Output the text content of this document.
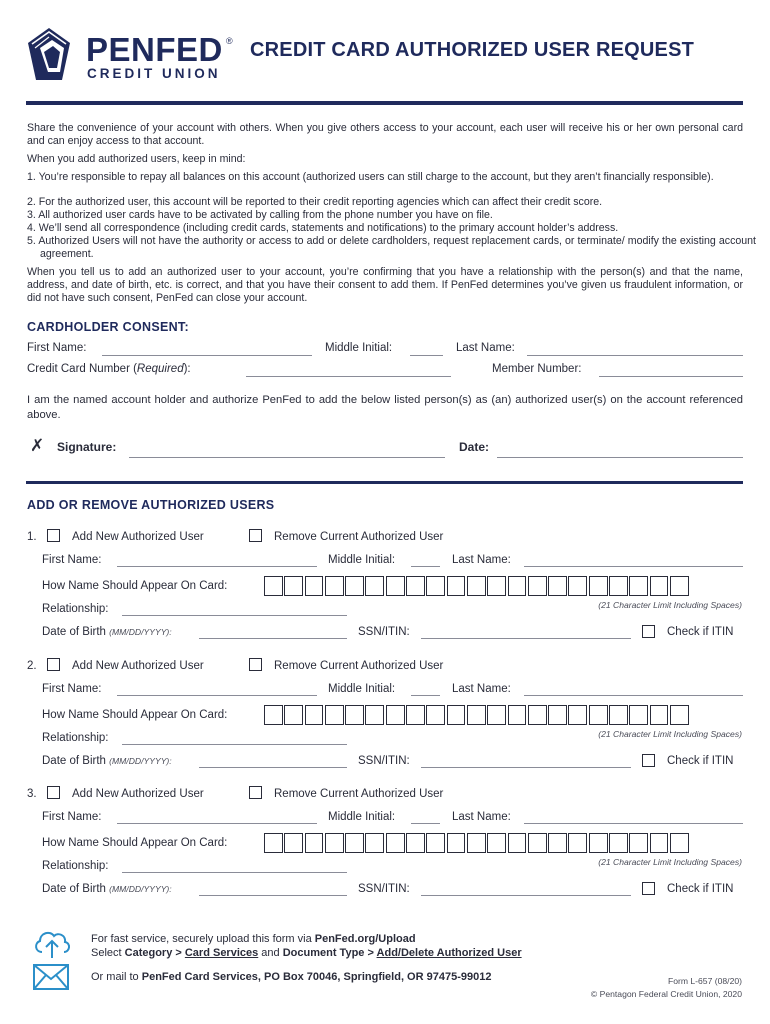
PENFED ®
CREDIT UNION
CREDIT CARD AUTHORIZED USER REQUEST
Share the convenience of your account with others. When you give others access to your account, each user will receive his or her own personal card and can enjoy access to that account.
When you add authorized users, keep in mind:
1. You’re responsible to repay all balances on this account (authorized users can still charge to the account, but they aren’t financially responsible).
2. For the authorized user, this account will be reported to their credit reporting agencies which can affect their credit score.
3. All authorized user cards have to be activated by calling from the phone number you have on file.
4. We’ll send all correspondence (including credit cards, statements and notifications) to the primary account holder’s address.
5. Authorized Users will not have the authority or access to add or delete cardholders, request replacement cards, or terminate/ modify the existing account agreement.
When you tell us to add an authorized user to your account, you’re confirming that you have a relationship with the person(s) and that the name, address, and date of birth, etc. is correct, and that you have their consent to add them. If PenFed determines you’ve given us fraudulent information, or did not have such consent, PenFed can close your account.
CARDHOLDER CONSENT:
First Name:	Middle Initial:	Last Name:
Credit Card Number (Required):	Member Number:
I am the named account holder and authorize PenFed to add the below listed person(s) as (an) authorized user(s) on the account referenced above.
✗ Signature:	Date:
ADD OR REMOVE AUTHORIZED USERS
1.	Add New Authorized User	Remove Current Authorized User
First Name:	Middle Initial:	Last Name:
How Name Should Appear On Card:
(21 Character Limit Including Spaces)
Relationship:
Date of Birth (MM/DD/YYYY):	SSN/ITIN:	Check if ITIN
2.	Add New Authorized User	Remove Current Authorized User
First Name:	Middle Initial:	Last Name:
How Name Should Appear On Card:
(21 Character Limit Including Spaces)
Relationship:
Date of Birth (MM/DD/YYYY):	SSN/ITIN:	Check if ITIN
3.	Add New Authorized User	Remove Current Authorized User
First Name:	Middle Initial:	Last Name:
How Name Should Appear On Card:
(21 Character Limit Including Spaces)
Relationship:
Date of Birth (MM/DD/YYYY):	SSN/ITIN:	Check if ITIN
For fast service, securely upload this form via PenFed.org/Upload
Select Category > Card Services and Document Type > Add/Delete Authorized User
Or mail to PenFed Card Services, PO Box 70046, Springfield, OR 97475-99012	Form L-657 (08/20)
© Pentagon Federal Credit Union, 2020
